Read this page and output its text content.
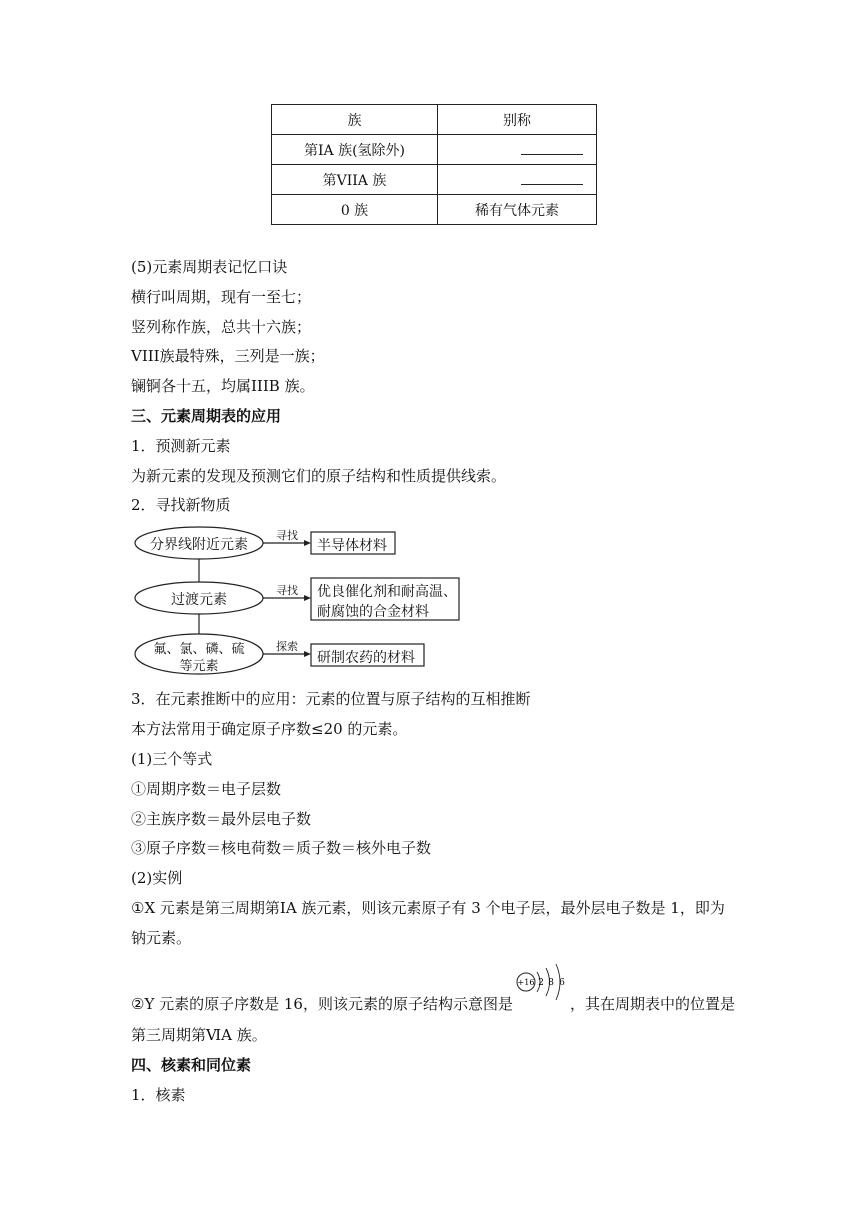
族	别称
第IA 族(氢除外)	
第VIIA 族	
0 族	稀有气体元素
(5)元素周期表记忆口诀
横行叫周期，现有一至七；
竖列称作族，总共十六族；
VIII族最特殊，三列是一族；
镧锕各十五，均属IIIB 族。
三、元素周期表的应用
1．预测新元素
为新元素的发现及预测它们的原子结构和性质提供线索。
2．寻找新物质
分界线附近元素
过渡元素
氟、氯、磷、硫
等元素
寻找
寻找
探索
半导体材料
优良催化剂和耐高温、
耐腐蚀的合金材料
研制农药的材料
3．在元素推断中的应用：元素的位置与原子结构的互相推断
本方法常用于确定原子序数≤20 的元素。
(1)三个等式
①周期序数＝电子层数
②主族序数＝最外层电子数
③原子序数＝核电荷数＝质子数＝核外电子数
(2)实例
①X 元素是第三周期第ⅠA 族元素，则该元素原子有 3 个电子层，最外层电子数是 1，即为
钠元素。
②Y 元素的原子序数是 16，则该元素的原子结构示意图是	，其在周期表中的位置是
+16 2 8 6
第三周期第ⅥA 族。
四、核素和同位素
1．核素
